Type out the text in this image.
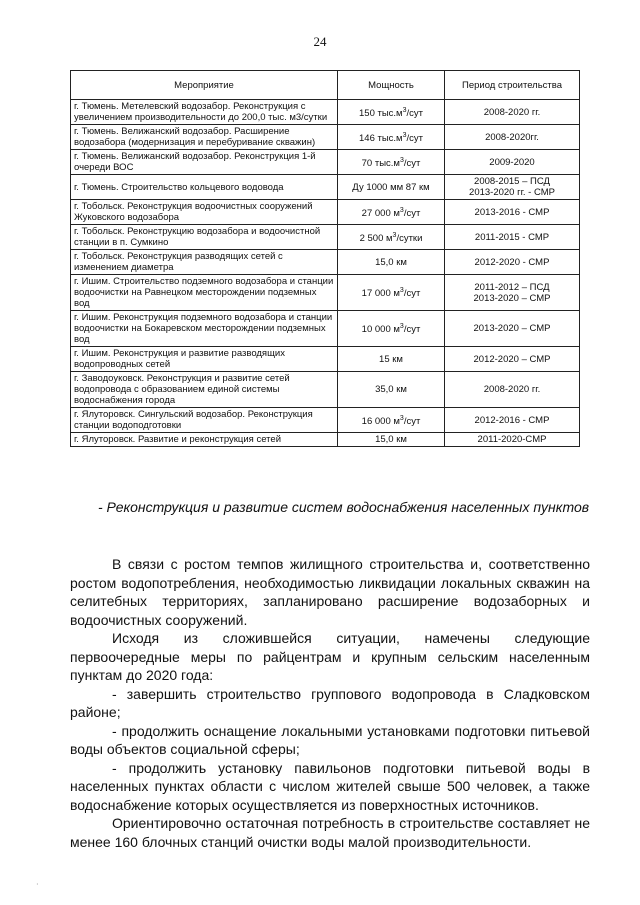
24
Мероприятие	Мощность	Период строительства
г. Тюмень. Метелевский водозабор. Реконструкция с увеличением производительности до 200,0 тыс. м3/сутки	150 $тыс.м^3$/сут	2008-2020 гг.
г. Тюмень. Велижанский водозабор. Расширение водозабора (модернизация и перебуривание скважин)	146 $тыс.м^3$/сут	2008-2020гг.
г. Тюмень. Велижанский водозабор. Реконструкция 1-й очереди ВОС	70 $тыс.м^3$/сут	2009-2020
г. Тюмень. Строительство кольцевого водовода	Ду 1000 мм 87 км	2008-2015 – ПСД
2013-2020 гг. - СМР

г. Тобольск. Реконструкция водоочистных сооружений Жуковского водозабора	27 000 $м^3$/сут	2013-2016 - СМР
г. Тобольск. Реконструкцию водозабора и водоочистной станции в п. Сумкино	2 500 $м^3$/сутки	2011-2015 - СМР
г. Тобольск. Реконструкция разводящих сетей с изменением диаметра	15,0 км	2012-2020 - СМР
г. Ишим. Строительство подземного водозабора и станции водоочистки на Равнецком месторождении подземных вод	17 000 $м^3$/сут	2011-2012 – ПСД
2013-2020 – СМР

г. Ишим. Реконструкция подземного водозабора и станции водоочистки на Бокаревском месторождении подземных вод	10 000 $м^3$/сут	2013-2020 – СМР
г. Ишим. Реконструкция и развитие разводящих водопроводных сетей	15 км	2012-2020 – СМР
г. Заводоуковск. Реконструкция и развитие сетей водопровода с образованием единой системы водоснабжения города	35,0 км	2008-2020 гг.
г. Ялуторовск. Сингульский водозабор. Реконструкция станции водоподготовки	16 000 $м^3$/сут	2012-2016 - СМР
г. Ялуторовск. Развитие и реконструкция сетей	15,0 км	2011-2020-СМР
- Реконструкция и развитие систем водоснабжения населенных пунктов

В связи с ростом темпов жилищного строительства и, соответственно ростом водопотребления, необходимостью ликвидации локальных скважин на селитебных территориях, запланировано расширение водозаборных и водоочистных сооружений.

Исходя из сложившейся ситуации, намечены следующие первоочередные меры по райцентрам и крупным сельским населенным пунктам до 2020 года:

- завершить строительство группового водопровода в Сладковском районе;

- продолжить оснащение локальными установками подготовки питьевой воды объектов социальной сферы;

- продолжить установку павильонов подготовки питьевой воды в населенных пунктах области с числом жителей свыше 500 человек, а также водоснабжение которых осуществляется из поверхностных источников.

Ориентировочно остаточная потребность в строительстве составляет не менее 160 блочных станций очистки воды малой производительности.

·
